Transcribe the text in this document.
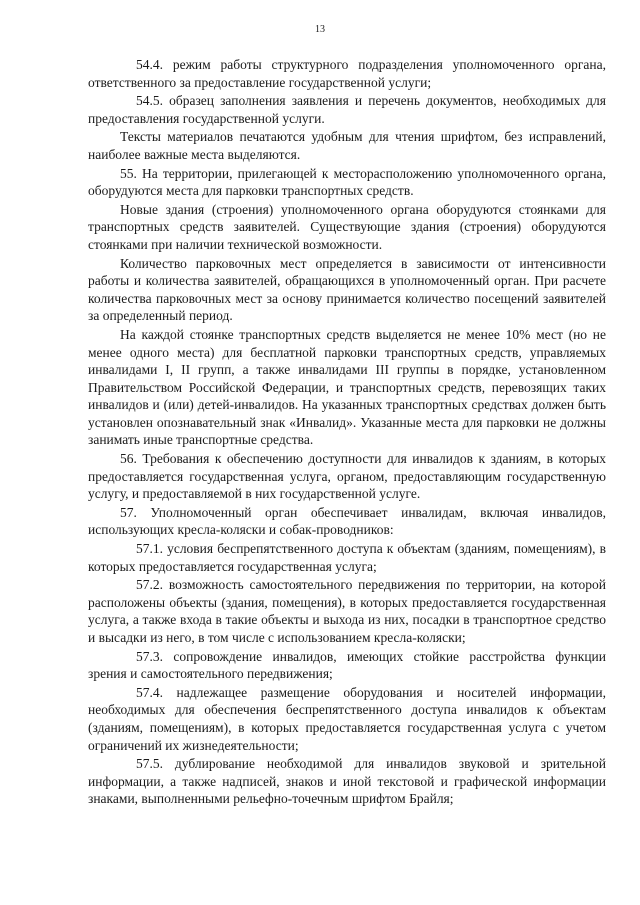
13

54.4. режим работы структурного подразделения уполномоченного органа, ответственного за предоставление государственной услуги;

54.5. образец заполнения заявления и перечень документов, необходимых для предоставления государственной услуги.

Тексты материалов печатаются удобным для чтения шрифтом, без исправлений, наиболее важные места выделяются.

55. На территории, прилегающей к месторасположению уполномоченного органа, оборудуются места для парковки транспортных средств.

Новые здания (строения) уполномоченного органа оборудуются стоянками для транспортных средств заявителей. Существующие здания (строения) оборудуются стоянками при наличии технической возможности.

Количество парковочных мест определяется в зависимости от интенсивности работы и количества заявителей, обращающихся в уполномоченный орган. При расчете количества парковочных мест за основу принимается количество посещений заявителей за определенный период.

На каждой стоянке транспортных средств выделяется не менее 10% мест (но не менее одного места) для бесплатной парковки транспортных средств, управляемых инвалидами I, II групп, а также инвалидами III группы в порядке, установленном Правительством Российской Федерации, и транспортных средств, перевозящих таких инвалидов и (или) детей-инвалидов. На указанных транспортных средствах должен быть установлен опознавательный знак «Инвалид». Указанные места для парковки не должны занимать иные транспортные средства.

56. Требования к обеспечению доступности для инвалидов к зданиям, в которых предоставляется государственная услуга, органом, предоставляющим государственную услугу, и предоставляемой в них государственной услуге.

57. Уполномоченный орган обеспечивает инвалидам, включая инвалидов, использующих кресла-коляски и собак-проводников:

57.1. условия беспрепятственного доступа к объектам (зданиям, помещениям), в которых предоставляется государственная услуга;

57.2. возможность самостоятельного передвижения по территории, на которой расположены объекты (здания, помещения), в которых предоставляется государственная услуга, а также входа в такие объекты и выхода из них, посадки в транспортное средство и высадки из него, в том числе с использованием кресла-коляски;

57.3. сопровождение инвалидов, имеющих стойкие расстройства функции зрения и самостоятельного передвижения;

57.4. надлежащее размещение оборудования и носителей информации, необходимых для обеспечения беспрепятственного доступа инвалидов к объектам (зданиям, помещениям), в которых предоставляется государственная услуга с учетом ограничений их жизнедеятельности;

57.5. дублирование необходимой для инвалидов звуковой и зрительной информации, а также надписей, знаков и иной текстовой и графической информации знаками, выполненными рельефно-точечным шрифтом Брайля;
